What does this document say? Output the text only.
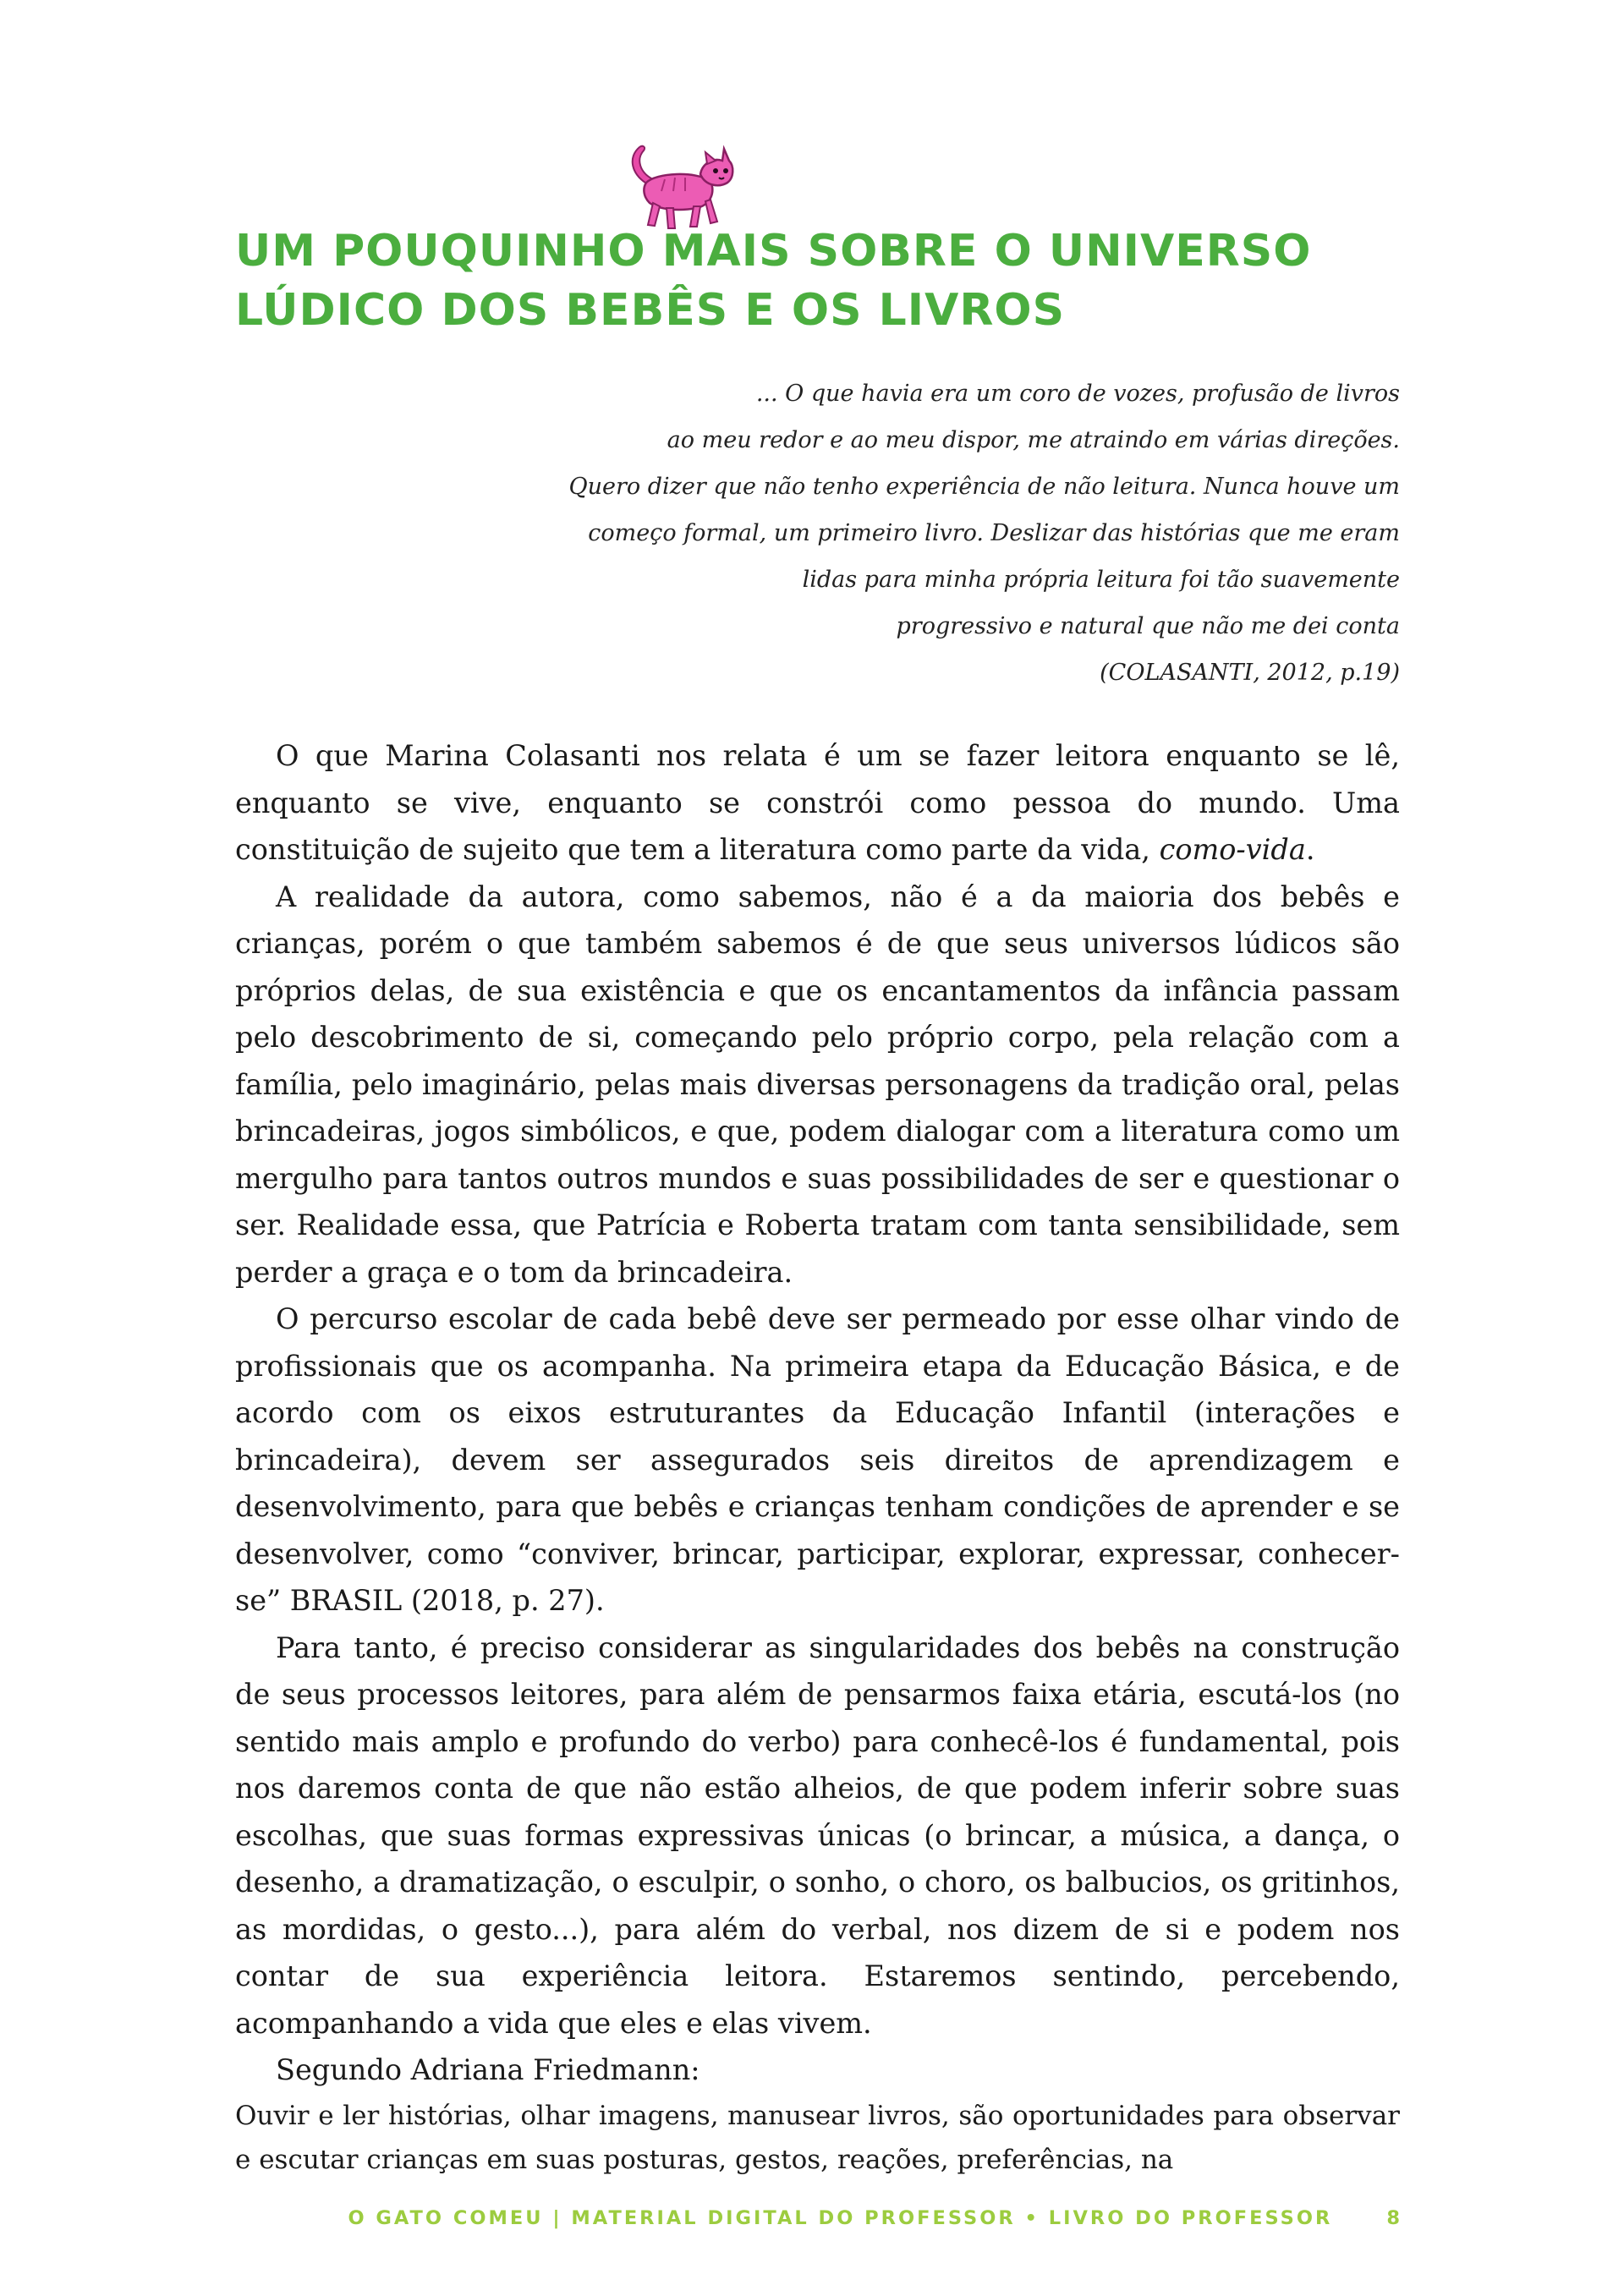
UM POUQUINHO MAIS SOBRE O UNIVERSO
LÚDICO DOS BEBÊS E OS LIVROS
... O que havia era um coro de vozes, profusão de livros
ao meu redor e ao meu dispor, me atraindo em várias direções.
Quero dizer que não tenho experiência de não leitura. Nunca houve um
começo formal, um primeiro livro. Deslizar das histórias que me eram
lidas para minha própria leitura foi tão suavemente
progressivo e natural que não me dei conta
(COLASANTI, 2012, p.19)

O que Marina Colasanti nos relata é um se fazer leitora enquanto se lê, enquanto se vive, enquanto se constrói como pessoa do mundo. Uma constituição de sujeito que tem a literatura como parte da vida, como-vida.

A realidade da autora, como sabemos, não é a da maioria dos bebês e crianças, porém o que também sabemos é de que seus universos lúdicos são próprios delas, de sua existência e que os encantamentos da infância passam pelo descobrimento de si, começando pelo próprio corpo, pela relação com a família, pelo imaginário, pelas mais diversas personagens da tradição oral, pelas brincadeiras, jogos simbólicos, e que, podem dialogar com a literatura como um mergulho para tantos outros mundos e suas possibilidades de ser e questionar o ser. Realidade essa, que Patrícia e Roberta tratam com tanta sensibilidade, sem perder a graça e o tom da brincadeira.

O percurso escolar de cada bebê deve ser permeado por esse olhar vindo de profissionais que os acompanha. Na primeira etapa da Educação Básica, e de acordo com os eixos estruturantes da Educação Infantil (interações e brincadeira), devem ser assegurados seis direitos de aprendizagem e desenvolvimento, para que bebês e crianças tenham condições de aprender e se desenvolver, como “conviver, brincar, participar, explorar, expressar, conhecer-se” BRASIL (2018, p. 27).

Para tanto, é preciso considerar as singularidades dos bebês na construção de seus processos leitores, para além de pensarmos faixa etária, escutá-los (no sentido mais amplo e profundo do verbo) para conhecê-los é fundamental, pois nos daremos conta de que não estão alheios, de que podem inferir sobre suas escolhas, que suas formas expressivas únicas (o brincar, a música, a dança, o desenho, a dramatização, o esculpir, o sonho, o choro, os balbucios, os gritinhos, as mordidas, o gesto...), para além do verbal, nos dizem de si e podem nos contar de sua experiência leitora. Estaremos sentindo, percebendo, acompanhando a vida que eles e elas vivem.

Segundo Adriana Friedmann:

Ouvir e ler histórias, olhar imagens, manusear livros, são oportunidades para observar e escutar crianças em suas posturas, gestos, reações, preferências, na

O GATO COMEU | MATERIAL DIGITAL DO PROFESSOR • LIVRO DO PROFESSOR	8
